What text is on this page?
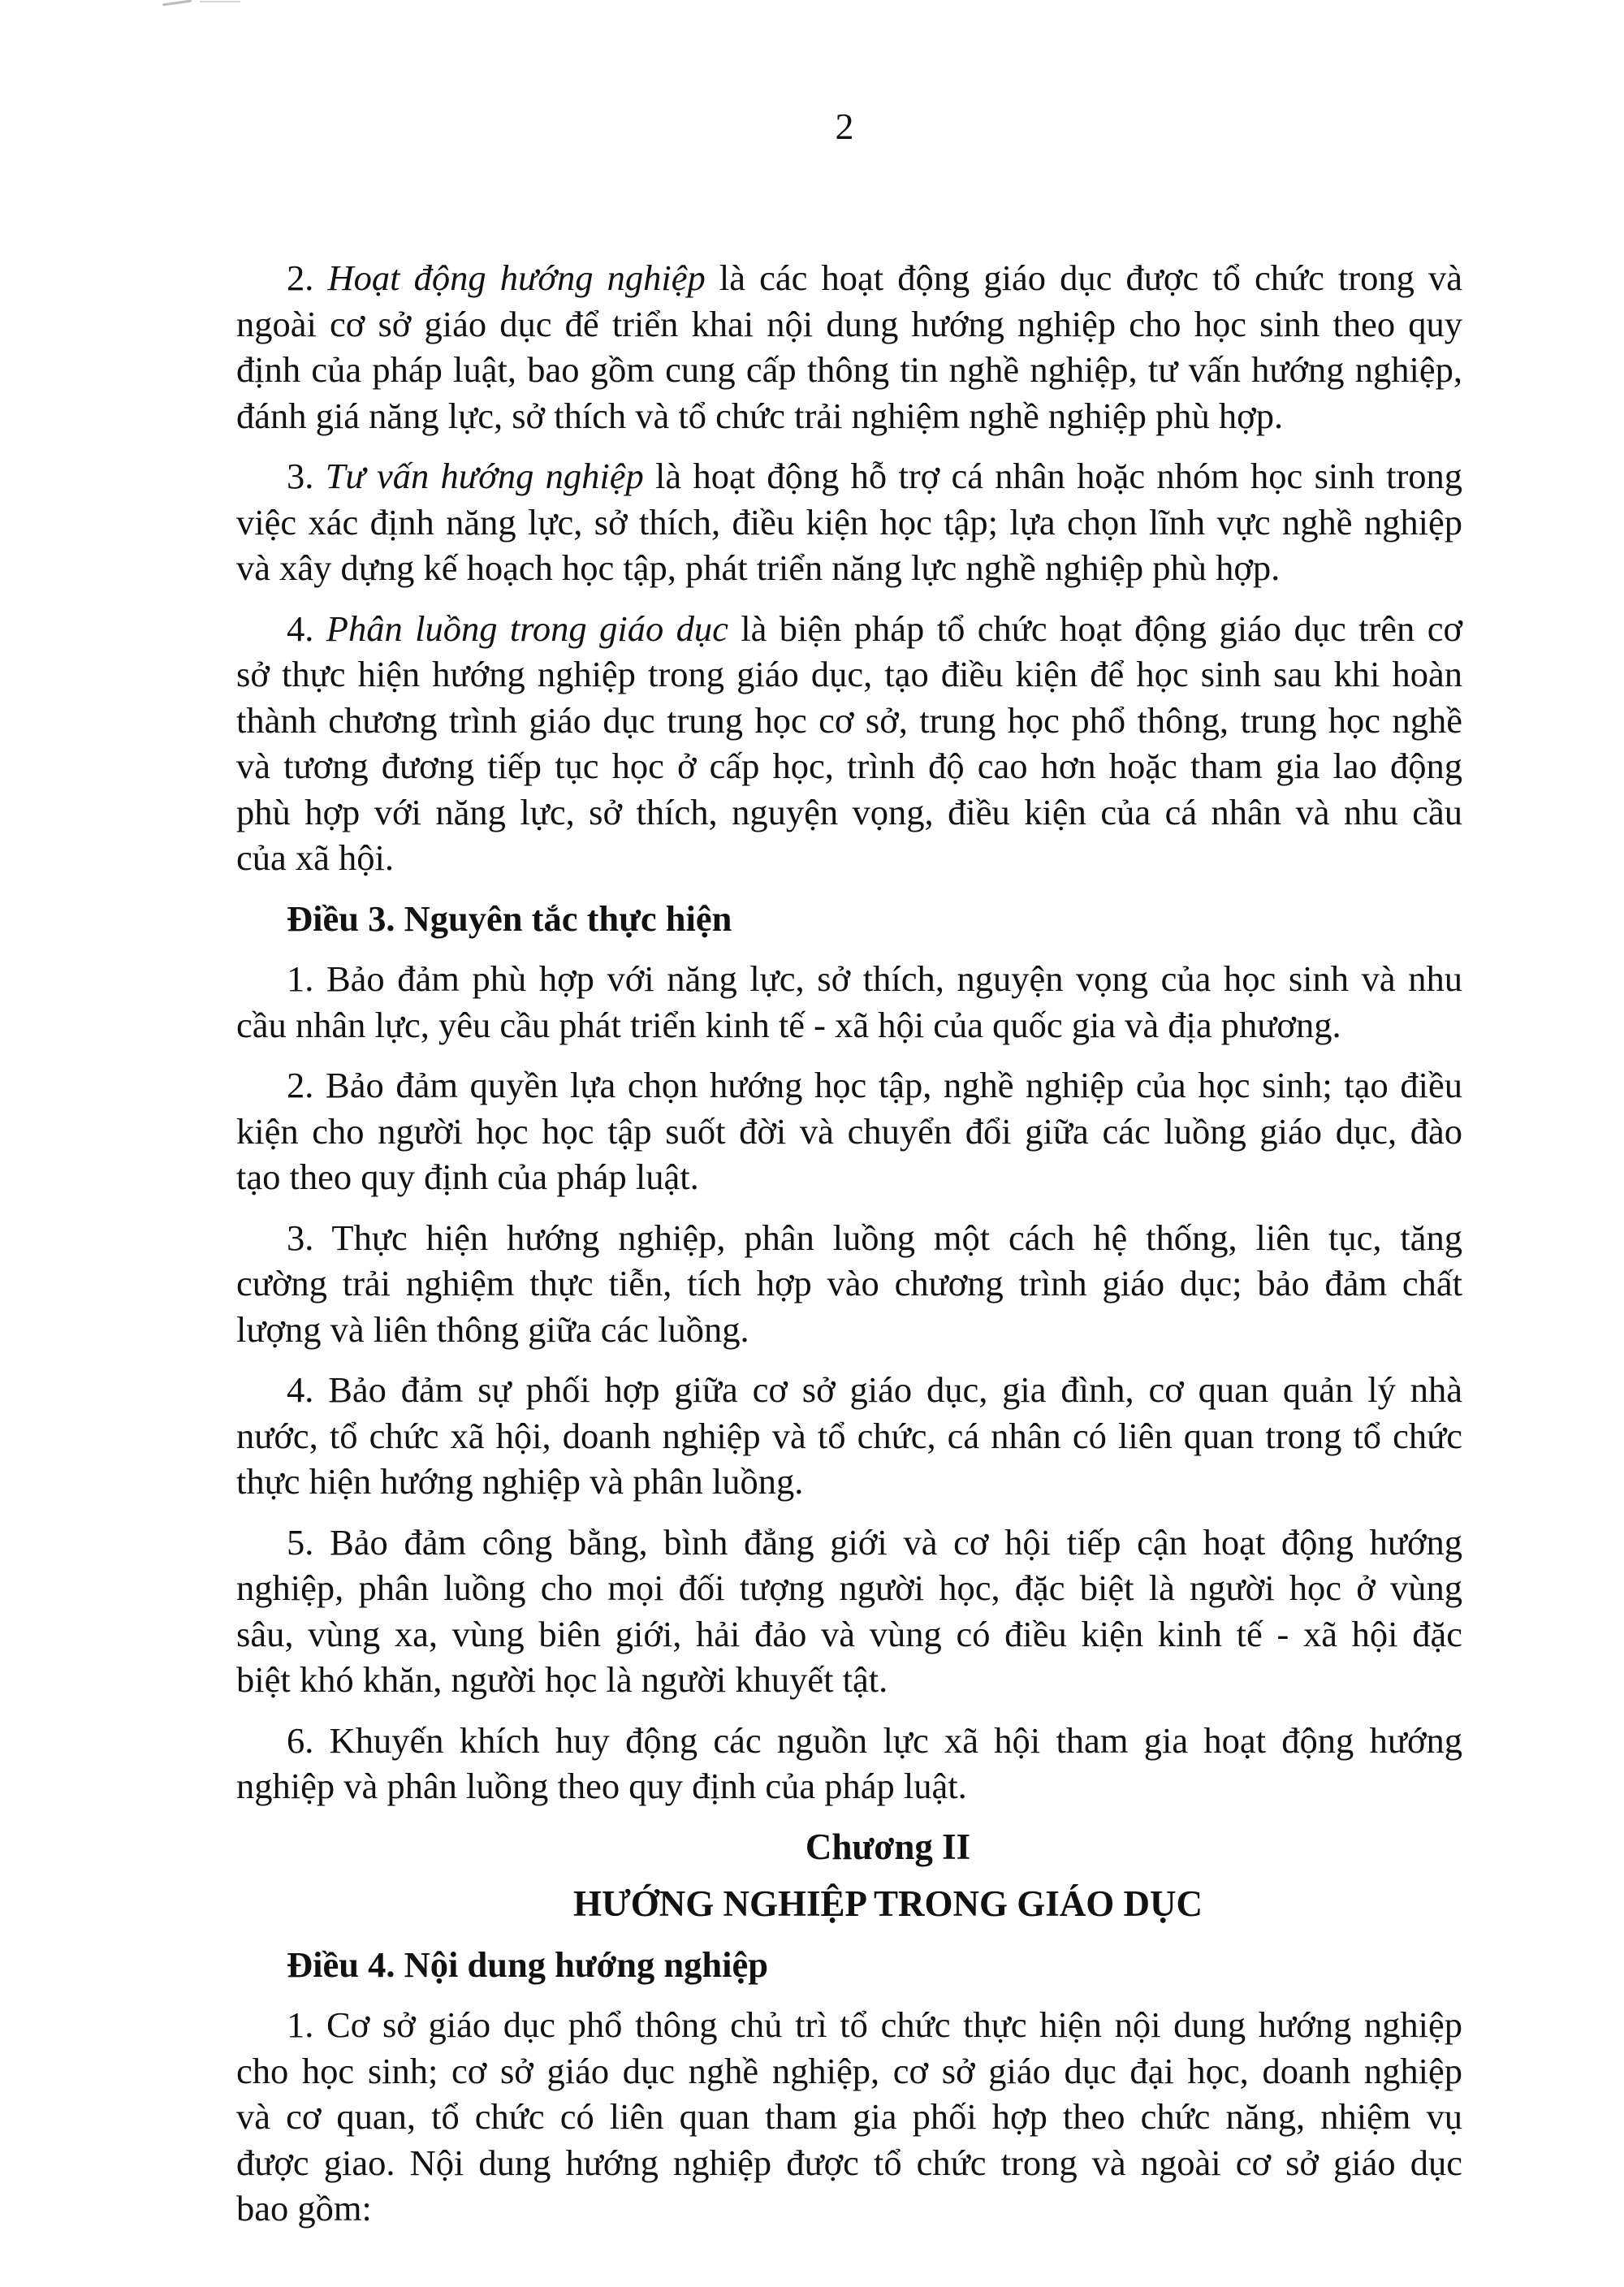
2
2. Hoạt động hướng nghiệp là các hoạt động giáo dục được tổ chức trong và
ngoài cơ sở giáo dục để triển khai nội dung hướng nghiệp cho học sinh theo quy
định của pháp luật, bao gồm cung cấp thông tin nghề nghiệp, tư vấn hướng nghiệp,
đánh giá năng lực, sở thích và tổ chức trải nghiệm nghề nghiệp phù hợp.
3. Tư vấn hướng nghiệp là hoạt động hỗ trợ cá nhân hoặc nhóm học sinh trong
việc xác định năng lực, sở thích, điều kiện học tập; lựa chọn lĩnh vực nghề nghiệp
và xây dựng kế hoạch học tập, phát triển năng lực nghề nghiệp phù hợp.
4. Phân luồng trong giáo dục là biện pháp tổ chức hoạt động giáo dục trên cơ
sở thực hiện hướng nghiệp trong giáo dục, tạo điều kiện để học sinh sau khi hoàn
thành chương trình giáo dục trung học cơ sở, trung học phổ thông, trung học nghề
và tương đương tiếp tục học ở cấp học, trình độ cao hơn hoặc tham gia lao động
phù hợp với năng lực, sở thích, nguyện vọng, điều kiện của cá nhân và nhu cầu
của xã hội.
Điều 3. Nguyên tắc thực hiện
1. Bảo đảm phù hợp với năng lực, sở thích, nguyện vọng của học sinh và nhu
cầu nhân lực, yêu cầu phát triển kinh tế - xã hội của quốc gia và địa phương.
2. Bảo đảm quyền lựa chọn hướng học tập, nghề nghiệp của học sinh; tạo điều
kiện cho người học học tập suốt đời và chuyển đổi giữa các luồng giáo dục, đào
tạo theo quy định của pháp luật.
3. Thực hiện hướng nghiệp, phân luồng một cách hệ thống, liên tục, tăng
cường trải nghiệm thực tiễn, tích hợp vào chương trình giáo dục; bảo đảm chất
lượng và liên thông giữa các luồng.
4. Bảo đảm sự phối hợp giữa cơ sở giáo dục, gia đình, cơ quan quản lý nhà
nước, tổ chức xã hội, doanh nghiệp và tổ chức, cá nhân có liên quan trong tổ chức
thực hiện hướng nghiệp và phân luồng.
5. Bảo đảm công bằng, bình đẳng giới và cơ hội tiếp cận hoạt động hướng
nghiệp, phân luồng cho mọi đối tượng người học, đặc biệt là người học ở vùng
sâu, vùng xa, vùng biên giới, hải đảo và vùng có điều kiện kinh tế - xã hội đặc
biệt khó khăn, người học là người khuyết tật.
6. Khuyến khích huy động các nguồn lực xã hội tham gia hoạt động hướng
nghiệp và phân luồng theo quy định của pháp luật.
Chương II
HƯỚNG NGHIỆP TRONG GIÁO DỤC
Điều 4. Nội dung hướng nghiệp
1. Cơ sở giáo dục phổ thông chủ trì tổ chức thực hiện nội dung hướng nghiệp
cho học sinh; cơ sở giáo dục nghề nghiệp, cơ sở giáo dục đại học, doanh nghiệp
và cơ quan, tổ chức có liên quan tham gia phối hợp theo chức năng, nhiệm vụ
được giao. Nội dung hướng nghiệp được tổ chức trong và ngoài cơ sở giáo dục
bao gồm:
